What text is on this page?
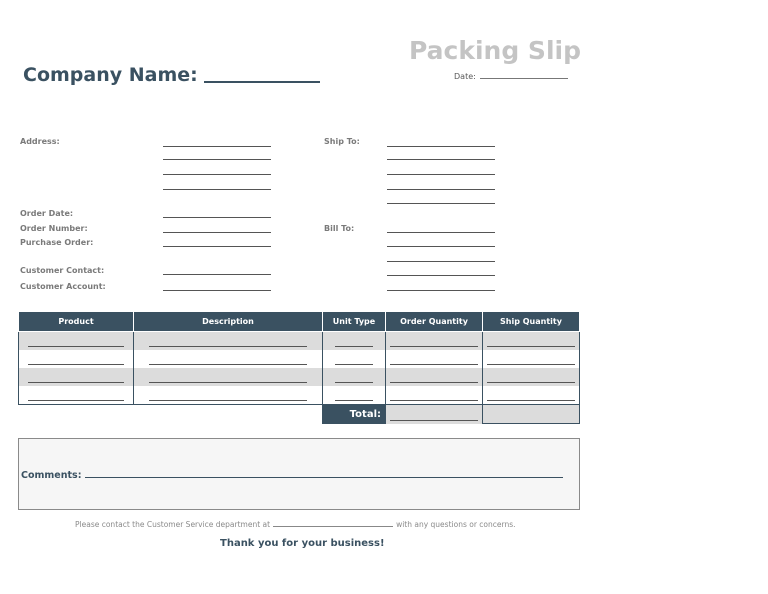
Packing Slip
Company Name:	Date:
Address:
Order Date:
Order Number:
Purchase Order:
Customer Contact:
Customer Account:
Ship To:
Bill To:
Product	Description	Unit Type	Order Quantity	Ship Quantity

		Total:	

Comments:
Please contact the Customer Service department at	with any questions or concerns.
Thank you for your business!
